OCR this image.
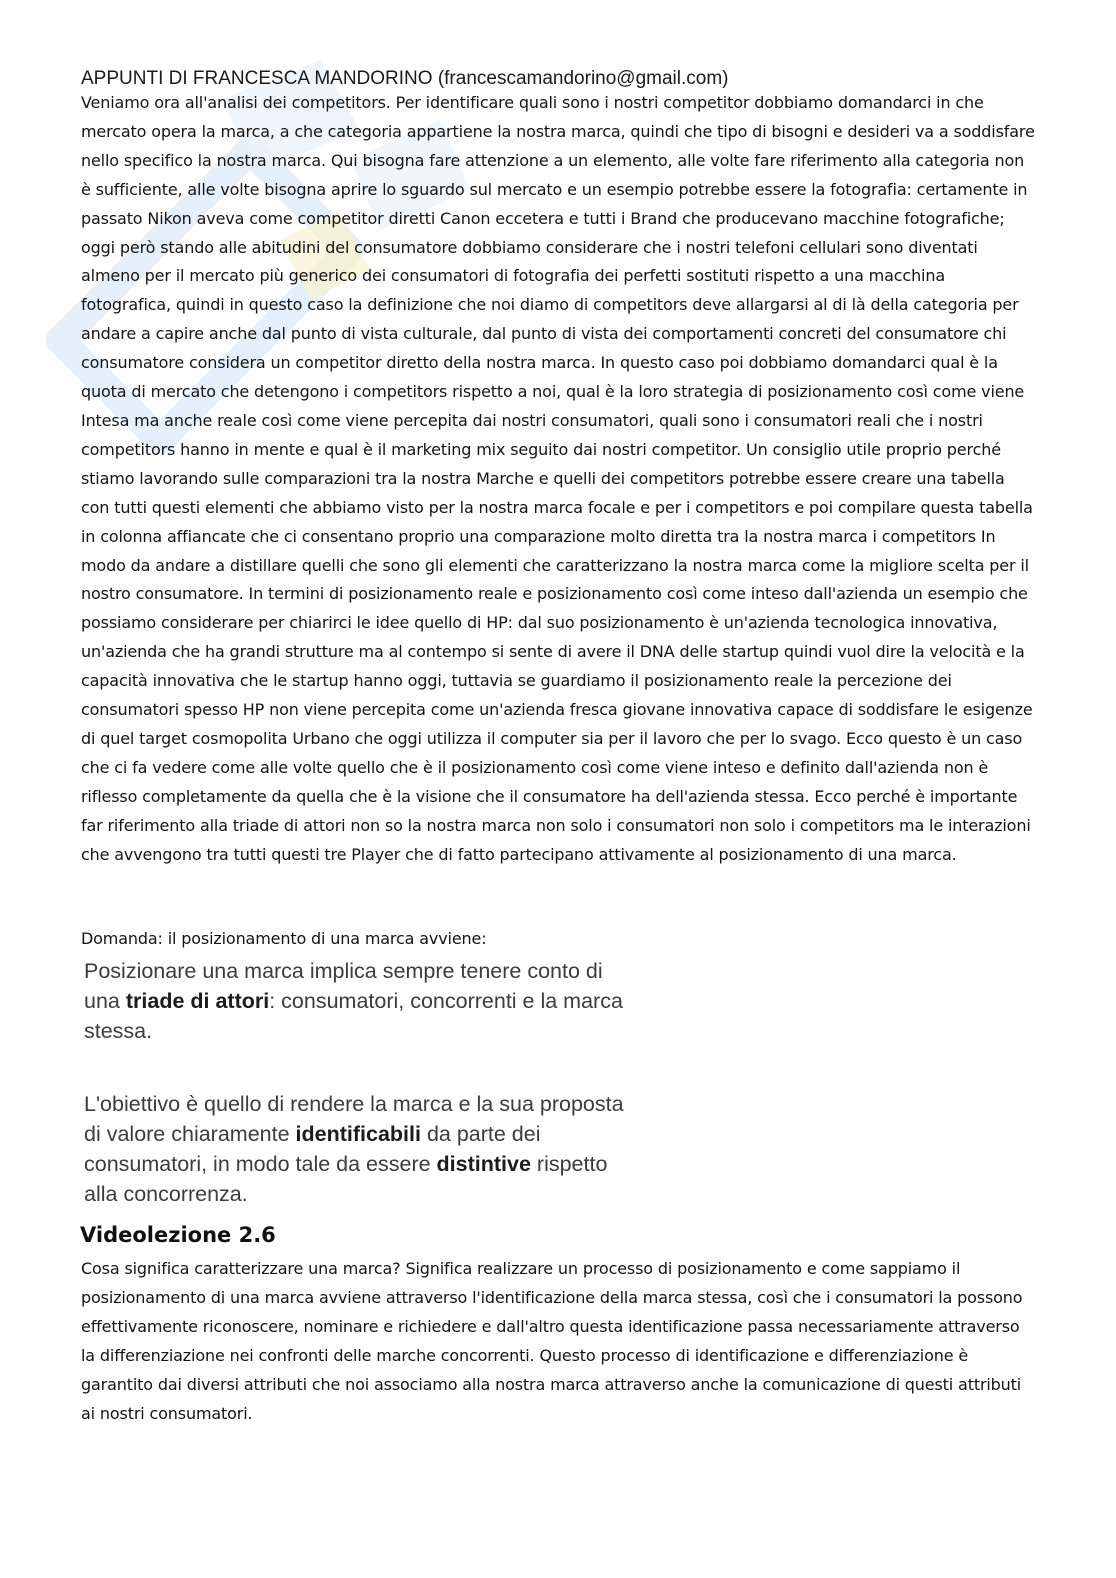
APPUNTI DI FRANCESCA MANDORINO (francescamandorino@gmail.com)

Veniamo ora all'analisi dei competitors. Per identificare quali sono i nostri competitor dobbiamo domandarci in che mercato opera la marca, a che categoria appartiene la nostra marca, quindi che tipo di bisogni e desideri va a soddisfare nello specifico la nostra marca. Qui bisogna fare attenzione a un elemento, alle volte fare riferimento alla categoria non è sufficiente, alle volte bisogna aprire lo sguardo sul mercato e un esempio potrebbe essere la fotografia: certamente in passato Nikon aveva come competitor diretti Canon eccetera e tutti i Brand che producevano macchine fotografiche; oggi però stando alle abitudini del consumatore dobbiamo considerare che i nostri telefoni cellulari sono diventati almeno per il mercato più generico dei consumatori di fotografia dei perfetti sostituti rispetto a una macchina fotografica, quindi in questo caso la definizione che noi diamo di competitors deve allargarsi al di là della categoria per andare a capire anche dal punto di vista culturale, dal punto di vista dei comportamenti concreti del consumatore chi consumatore considera un competitor diretto della nostra marca. In questo caso poi dobbiamo domandarci qual è la quota di mercato che detengono i competitors rispetto a noi, qual è la loro strategia di posizionamento così come viene Intesa ma anche reale così come viene percepita dai nostri consumatori, quali sono i consumatori reali che i nostri competitors hanno in mente e qual è il marketing mix seguito dai nostri competitor. Un consiglio utile proprio perché stiamo lavorando sulle comparazioni tra la nostra Marche e quelli dei competitors potrebbe essere creare una tabella con tutti questi elementi che abbiamo visto per la nostra marca focale e per i competitors e poi compilare questa tabella in colonna affiancate che ci consentano proprio una comparazione molto diretta tra la nostra marca i competitors In modo da andare a distillare quelli che sono gli elementi che caratterizzano la nostra marca come la migliore scelta per il nostro consumatore. In termini di posizionamento reale e posizionamento così come inteso dall'azienda un esempio che possiamo considerare per chiarirci le idee quello di HP: dal suo posizionamento è un'azienda tecnologica innovativa, un'azienda che ha grandi strutture ma al contempo si sente di avere il DNA delle startup quindi vuol dire la velocità e la capacità innovativa che le startup hanno oggi, tuttavia se guardiamo il posizionamento reale la percezione dei consumatori spesso HP non viene percepita come un'azienda fresca giovane innovativa capace di soddisfare le esigenze di quel target cosmopolita Urbano che oggi utilizza il computer sia per il lavoro che per lo svago. Ecco questo è un caso che ci fa vedere come alle volte quello che è il posizionamento così come viene inteso e definito dall'azienda non è riflesso completamente da quella che è la visione che il consumatore ha dell'azienda stessa. Ecco perché è importante far riferimento alla triade di attori non so la nostra marca non solo i consumatori non solo i competitors ma le interazioni che avvengono tra tutti questi tre Player che di fatto partecipano attivamente al posizionamento di una marca.

Domanda: il posizionamento di una marca avviene:

Posizionare una marca implica sempre tenere conto di una triade di attori: consumatori, concorrenti e la marca stessa.

L'obiettivo è quello di rendere la marca e la sua proposta di valore chiaramente identificabili da parte dei consumatori, in modo tale da essere distintive rispetto alla concorrenza.

Videolezione 2.6

Cosa significa caratterizzare una marca? Significa realizzare un processo di posizionamento e come sappiamo il posizionamento di una marca avviene attraverso l'identificazione della marca stessa, così che i consumatori la possono effettivamente riconoscere, nominare e richiedere e dall'altro questa identificazione passa necessariamente attraverso la differenziazione nei confronti delle marche concorrenti. Questo processo di identificazione e differenziazione è garantito dai diversi attributi che noi associamo alla nostra marca attraverso anche la comunicazione di questi attributi ai nostri consumatori.
